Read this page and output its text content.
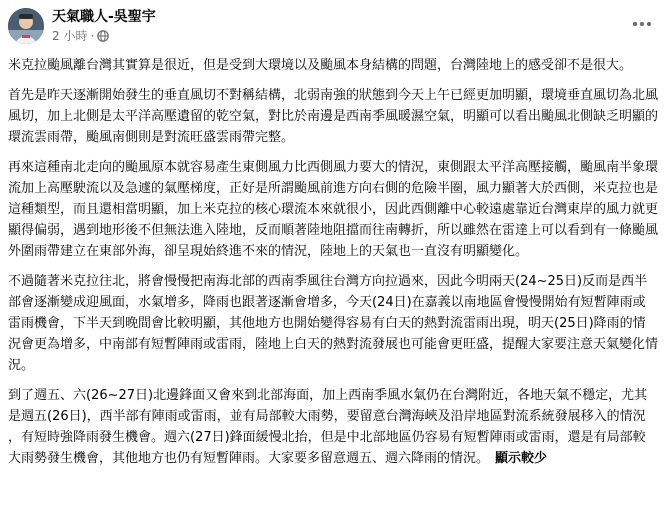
天氣職人-吳聖宇
2 小時 ·

米克拉颱風離台灣其實算是很近，但是受到大環境以及颱風本身結構的問題，台灣陸地上的感受卻不是很大。

首先是昨天逐漸開始發生的垂直風切不對稱結構，北弱南強的狀態到今天上午已經更加明顯，環境垂直風切為北風風切，加上北側是太平洋高壓遺留的乾空氣，對比於南邊是西南季風暖濕空氣，明顯可以看出颱風北側缺乏明顯的環流雲雨帶，颱風南側則是對流旺盛雲雨帶完整。

再來這種南北走向的颱風原本就容易產生東側風力比西側風力要大的情況，東側跟太平洋高壓接觸，颱風南半象環流加上高壓駛流以及急遽的氣壓梯度，正好是所謂颱風前進方向右側的危險半圈，風力顯著大於西側，米克拉也是這種類型，而且還相當明顯，加上米克拉的核心環流本來就很小，因此西側離中心較遠處靠近台灣東岸的風力就更顯得偏弱，遇到地形後不但無法進入陸地，反而順著陸地阻擋而往南轉折，所以雖然在雷達上可以看到有一條颱風外圍雨帶建立在東部外海，卻呈現始終進不來的情況，陸地上的天氣也一直沒有明顯變化。

不過隨著米克拉往北，將會慢慢把南海北部的西南季風往台灣方向拉過來，因此今明兩天(24~25日)反而是西半部會逐漸變成迎風面，水氣增多，降雨也跟著逐漸會增多，今天(24日)在嘉義以南地區會慢慢開始有短暫陣雨或雷雨機會，下半天到晚間會比較明顯，其他地方也開始變得容易有白天的熱對流雷雨出現，明天(25日)降雨的情況會更為增多，中南部有短暫陣雨或雷雨，陸地上白天的熱對流發展也可能會更旺盛，提醒大家要注意天氣變化情況。

到了週五、六(26~27日)北邊鋒面又會來到北部海面，加上西南季風水氣仍在台灣附近，各地天氣不穩定，尤其是週五(26日)，西半部有陣雨或雷雨，並有局部較大雨勢，要留意台灣海峽及沿岸地區對流系統發展移入的情況，有短時強降雨發生機會。週六(27日)鋒面緩慢北抬，但是中北部地區仍容易有短暫陣雨或雷雨，還是有局部較大雨勢發生機會，其他地方也仍有短暫陣雨。大家要多留意週五、週六降雨的情況。 顯示較少
